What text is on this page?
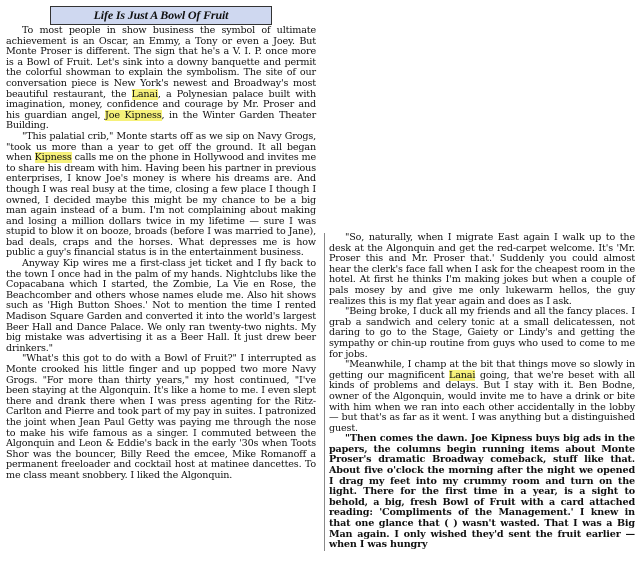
Life Is Just A Bowl Of Fruit

To most people in show business the symbol of ultimate achievement is an Oscar, an Emmy, a Tony or even a Joey. But Monte Proser is different. The sign that he's a V. I. P. once more is a Bowl of Fruit. Let's sink into a downy banquette and permit the colorful showman to explain the symbolism. The site of our conversation piece is New York's newest and Broadway's most beautiful restaurant, the Lanai, a Polynesian palace built with imagination, money, confidence and courage by Mr. Proser and his guardian angel, Joe Kipness, in the Winter Garden Theater Building.

"This palatial crib," Monte starts off as we sip on Navy Grogs, "took us more than a year to get off the ground. It all began when Kipness calls me on the phone in Hollywood and invites me to share his dream with him. Having been his partner in previous enterprises, I know Joe's money is where his dreams are. And though I was real busy at the time, closing a few place I though I owned, I decided maybe this might be my chance to be a big man again instead of a bum. I'm not complaining about making and losing a million dollars twice in my lifetime — sure I was stupid to blow it on booze, broads (before I was married to Jane), bad deals, craps and the horses. What depresses me is how public a guy's financial status is in the entertainment business.

Anyway Kip wires me a first-class jet ticket and I fly back to the town I once had in the palm of my hands. Nightclubs like the Copacabana which I started, the Zombie, La Vie en Rose, the Beachcomber and others whose names elude me. Also hit shows such as 'High Button Shoes.' Not to mention the time I rented Madison Square Garden and converted it into the world's largest Beer Hall and Dance Palace. We only ran twenty-two nights. My big mistake was advertising it as a Beer Hall. It just drew beer drinkers."

"What's this got to do with a Bowl of Fruit?" I interrupted as Monte crooked his little finger and up popped two more Navy Grogs. "For more than thirty years," my host continued, "I've been staying at the Algonquin. It's like a home to me. I even slept there and drank there when I was press agenting for the Ritz-Carlton and Pierre and took part of my pay in suites. I patronized the joint when Jean Paul Getty was paying me through the nose to make his wife famous as a singer. I commuted between the Algonquin and Leon & Eddie's back in the early '30s when Toots Shor was the bouncer, Billy Reed the emcee, Mike Romanoff a permanent freeloader and cocktail host at matinee dancettes. To me class meant snobbery. I liked the Algonquin.

"So, naturally, when I migrate East again I walk up to the desk at the Algonquin and get the red-carpet welcome. It's 'Mr. Proser this and Mr. Proser that.' Suddenly you could almost hear the clerk's face fall when I ask for the cheapest room in the hotel. At first he thinks I'm making jokes but when a couple of pals mosey by and give me only lukewarm hellos, the guy realizes this is my flat year again and does as I ask.

"Being broke, I duck all my friends and all the fancy places. I grab a sandwich and celery tonic at a small delicatessen, not daring to go to the Stage, Gaiety or Lindy's and getting the sympathy or chin-up routine from guys who used to come to me for jobs.

"Meanwhile, I champ at the bit that things move so slowly in getting our magnificent Lanai going, that we're beset with all kinds of problems and delays. But I stay with it. Ben Bodne, owner of the Algonquin, would invite me to have a drink or bite with him when we ran into each other accidentally in the lobby — but that's as far as it went. I was anything but a distinguished guest.

"Then comes the dawn. Joe Kipness buys big ads in the papers, the columns begin running items about Monte Proser's dramatic Broadway comeback, stuff like that. About five o'clock the morning after the night we opened I drag my feet into my crummy room and turn on the light. There for the first time in a year, is a sight to behold, a big, fresh Bowl of Fruit with a card attached reading: 'Compliments of the Management.' I knew in that one glance that ( ) wasn't wasted. That I was a Big Man again. I only wished they'd sent the fruit earlier — when I was hungry
